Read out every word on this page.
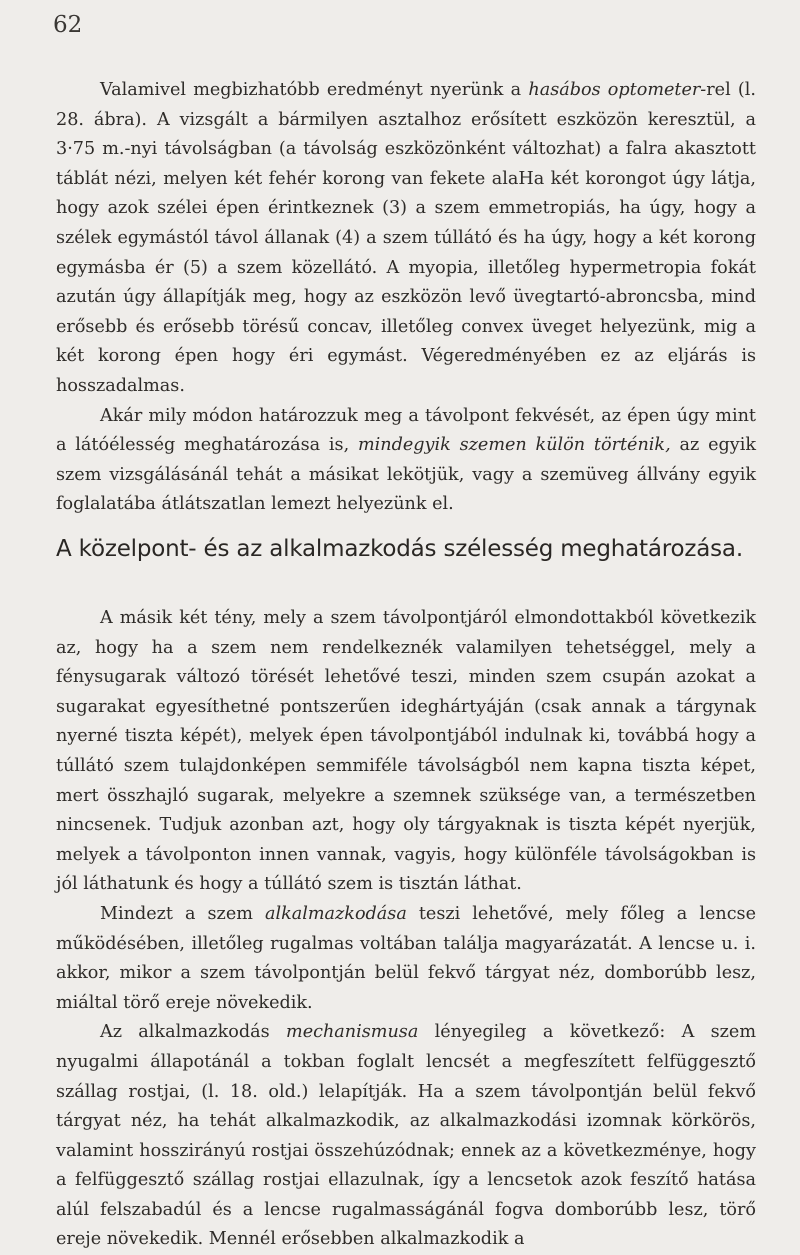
62

Valamivel megbizhatóbb eredményt nyerünk a hasábos optometer-rel (l. 28. ábra). A vizsgált a bármilyen asztalhoz erősített eszközön keresztül, a 3·75 m.-nyi távolságban (a távolság eszközönként változhat) a falra akasztott táblát nézi, melyen két fehér korong van fekete alaHa két korongot úgy látja, hogy azok szélei épen érintkeznek (3) a szem emmetropiás, ha úgy, hogy a szélek egymástól távol állanak (4) a szem túllátó és ha úgy, hogy a két korong egymásba ér (5) a szem közellátó. A myopia, illetőleg hypermetropia fokát azután úgy állapítják meg, hogy az eszközön levő üvegtartó-abroncsba, mind erősebb és erősebb törésű concav, illetőleg convex üveget helyezünk, mig a két korong épen hogy éri egymást. Végeredményében ez az eljárás is hosszadalmas.

Akár mily módon határozzuk meg a távolpont fekvését, az épen úgy mint a látóélesség meghatározása is, mindegyik szemen külön történik, az egyik szem vizsgálásánál tehát a másikat lekötjük, vagy a szemüveg állvány egyik foglalatába átlátszatlan lemezt helyezünk el.

A közelpont- és az alkalmazkodás szélesség meghatározása.

A másik két tény, mely a szem távolpontjáról elmondottakból következik az, hogy ha a szem nem rendelkeznék valamilyen tehetséggel, mely a fénysugarak változó törését lehetővé teszi, minden szem csupán azokat a sugarakat egyesíthetné pontszerűen ideghártyáján (csak annak a tárgynak nyerné tiszta képét), melyek épen távolpontjából indulnak ki, továbbá hogy a túllátó szem tulajdonképen semmiféle távolságból nem kapna tiszta képet, mert összhajló sugarak, melyekre a szemnek szüksége van, a természetben nincsenek. Tudjuk azonban azt, hogy oly tárgyaknak is tiszta képét nyerjük, melyek a távolponton innen vannak, vagyis, hogy különféle távolságokban is jól láthatunk és hogy a túllátó szem is tisztán láthat.

Mindezt a szem alkalmazkodása teszi lehetővé, mely főleg a lencse működésében, illetőleg rugalmas voltában találja magyarázatát. A lencse u. i. akkor, mikor a szem távolpontján belül fekvő tárgyat néz, domborúbb lesz, miáltal törő ereje növekedik.

Az alkalmazkodás mechanismusa lényegileg a következő: A szem nyugalmi állapotánál a tokban foglalt lencsét a megfeszített felfüggesztő szállag rostjai, (l. 18. old.) lelapítják. Ha a szem távolpontján belül fekvő tárgyat néz, ha tehát alkalmazkodik, az alkalmazkodási izomnak körkörös, valamint hosszirányú rostjai összehúzódnak; ennek az a következménye, hogy a felfüggesztő szállag rostjai ellazulnak, így a lencsetok azok feszítő hatása alúl felszabadúl és a lencse rugalmasságánál fogva domborúbb lesz, törő ereje növekedik. Mennél erősebben alkalmazkodik a
